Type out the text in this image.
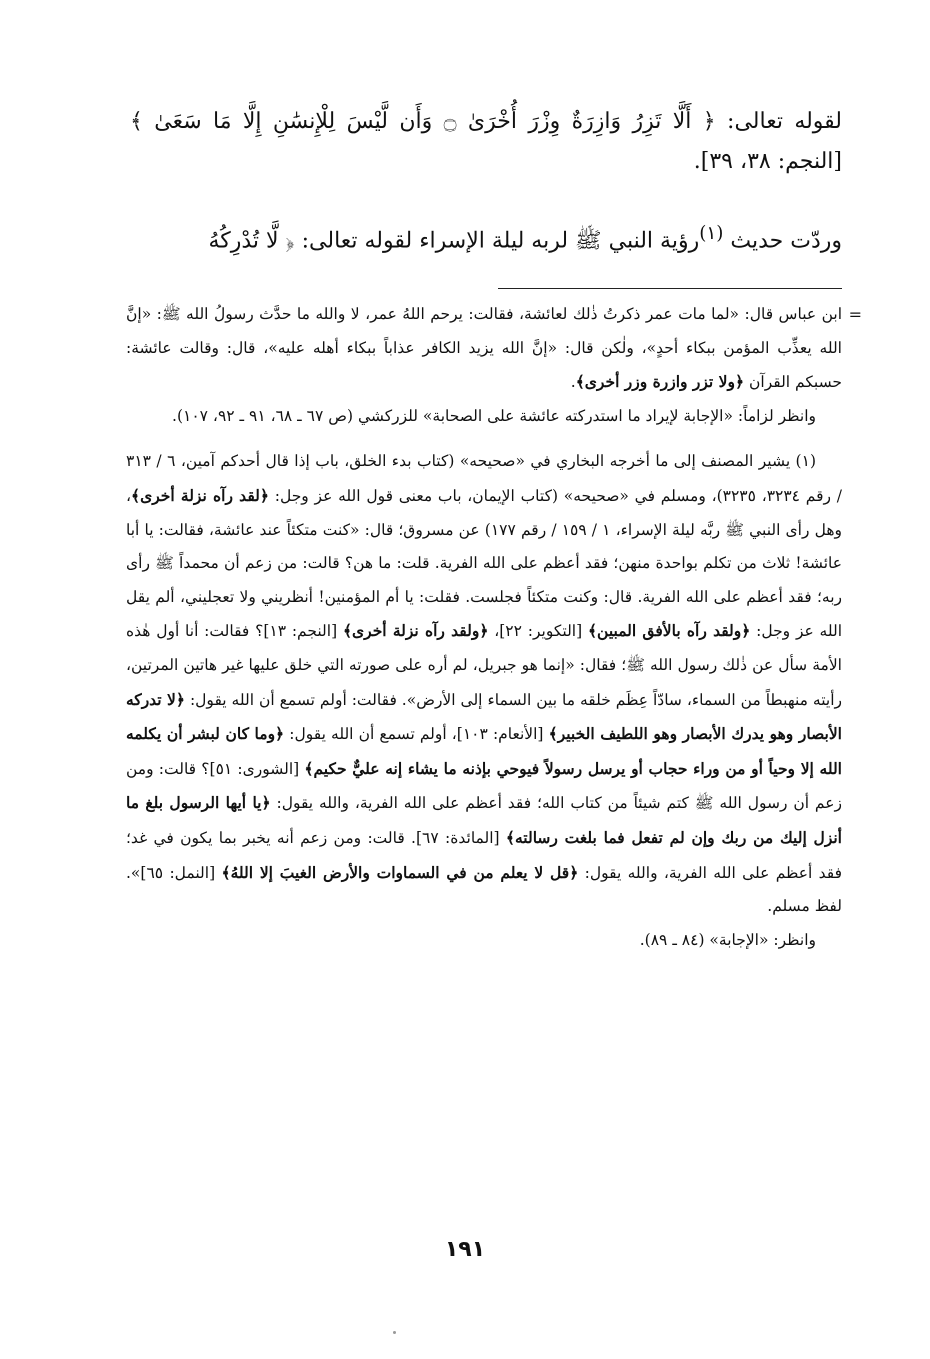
لقوله تعالى: ﴿ أَلَّا تَزِرُ وَازِرَةٌ وِزْرَ أُخْرَىٰ ۝ وَأَن لَّيْسَ لِلْإِنسَٰنِ إِلَّا مَا سَعَىٰ ﴾ [النجم: ٣٨، ٣٩].

وردّت حديث $^{(١)}$رؤية النبي ﷺ لربه ليلة الإسراء لقوله تعالى: ﴿ لَّا تُدْرِكُهُ

=
ابن عباس قال: «لما مات عمر ذكرتُ ذٰلك لعائشة، فقالت: يرحم اللهُ عمر، لا والله ما حدَّث رسولُ الله ﷺ: «إنَّ الله يعذِّب المؤمن ببكاء أحدٍ»، ولٰكن قال: «إنَّ الله يزيد الكافر عذاباً ببكاء أهله عليه»، قال: وقالت عائشة: حسبكم القرآن ﴿ولا تزر وازرة وزر أخرى﴾.

وانظر لزاماً: «الإجابة لإيراد ما استدركته عائشة على الصحابة» للزركشي (ص ٦٧ ـ ٦٨، ٩١ ـ ٩٢، ١٠٧).

(١) يشير المصنف إلى ما أخرجه البخاري في «صحيحه» (كتاب بدء الخلق، باب إذا قال أحدكم آمين، ٦ / ٣١٣ / رقم ٣٢٣٤، ٣٢٣٥)، ومسلم في «صحيحه» (كتاب الإيمان، باب معنى قول الله عز وجل: ﴿لقد رآه نزلة أخرى﴾، وهل رأى النبي ﷺ ربَّه ليلة الإسراء، ١ / ١٥٩ / رقم ١٧٧) عن مسروق؛ قال: «كنت متكئاً عند عائشة، فقالت: يا أبا عائشة! ثلاث من تكلم بواحدة منهن؛ فقد أعظم على الله الفرية. قلت: ما هن؟ قالت: من زعم أن محمداً ﷺ رأى ربه؛ فقد أعظم على الله الفرية. قال: وكنت متكئاً فجلست. فقلت: يا أم المؤمنين! أنظريني ولا تعجليني، ألم يقل الله عز وجل: ﴿ولقد رآه بالأفق المبين﴾ [التكوير: ٢٢]، ﴿ولقد رآه نزلة أخرى﴾ [النجم: ١٣]؟ فقالت: أنا أول هٰذه الأمة سأل عن ذٰلك رسول الله ﷺ؛ فقال: «إنما هو جبريل، لم أره على صورته التي خلق عليها غير هاتين المرتين، رأيته منهبطاً من السماء، سادّاً عِظَم خلقه ما بين السماء إلى الأرض». فقالت: أولم تسمع أن الله يقول: ﴿لا تدركه الأبصار وهو يدرك الأبصار وهو اللطيف الخبير﴾ [الأنعام: ١٠٣]، أولم تسمع أن الله يقول: ﴿وما كان لبشر أن يكلمه الله إلا وحياً أو من وراء حجاب أو يرسل رسولاً فيوحي بإذنه ما يشاء إنه عليٌّ حكيم﴾ [الشورى: ٥١]؟ قالت: ومن زعم أن رسول الله ﷺ كتم شيئاً من كتاب الله؛ فقد أعظم على الله الفرية، والله يقول: ﴿يا أيها الرسول بلغ ما أنزل إليك من ربك وإن لم تفعل فما بلغت رسالته﴾ [المائدة: ٦٧]. قالت: ومن زعم أنه يخبر بما يكون في غد؛ فقد أعظم على الله الفرية، والله يقول: ﴿قل لا يعلم من في السماوات والأرض الغيبَ إلا اللهُ﴾ [النمل: ٦٥]». لفظ مسلم.

وانظر: «الإجابة» (٨٤ ـ ٨٩).

١٩١
